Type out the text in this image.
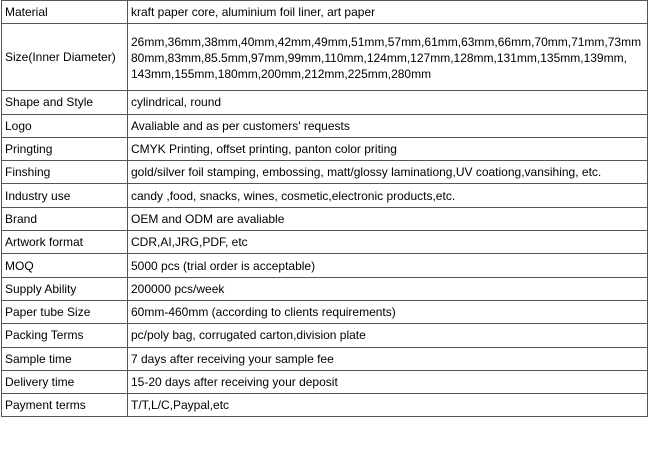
Material	kraft paper core, aluminium foil liner, art paper
Size(Inner Diameter)	26mm,36mm,38mm,40mm,42mm,49mm,51mm,57mm,61mm,63mm,66mm,70mm,71mm,73mm 80mm,83mm,85.5mm,97mm,99mm,110mm,124mm,127mm,128mm,131mm,135mm,139mm, 143mm,155mm,180mm,200mm,212mm,225mm,280mm
Shape and Style	cylindrical, round
Logo	Avaliable and as per customers' requests
Pringting	CMYK Printing, offset printing, panton color priting
Finshing	gold/silver foil stamping, embossing, matt/glossy laminationg,UV coationg,vansihing, etc.
Industry use	candy ,food, snacks, wines, cosmetic,electronic products,etc.
Brand	OEM and ODM are avaliable
Artwork format	CDR,AI,JRG,PDF, etc
MOQ	5000 pcs (trial order is acceptable)
Supply Ability	200000 pcs/week
Paper tube Size	60mm-460mm (according to clients requirements)
Packing Terms	pc/poly bag, corrugated carton,division plate
Sample time	7 days after receiving your sample fee
Delivery time	15-20 days after receiving your deposit
Payment terms	T/T,L/C,Paypal,etc
